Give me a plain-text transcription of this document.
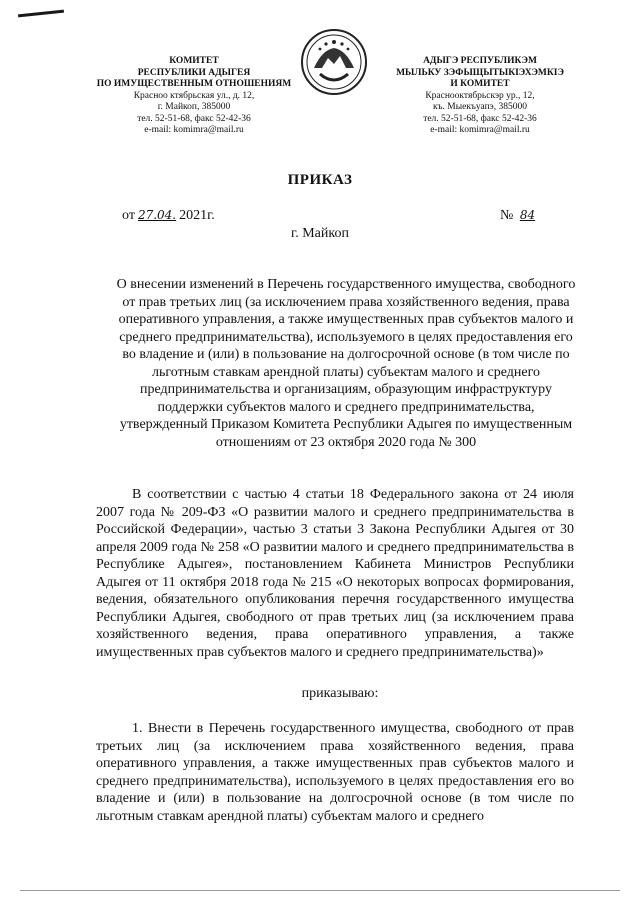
КОМИТЕТ
РЕСПУБЛИКИ АДЫГЕЯ
ПО ИМУЩЕСТВЕННЫМ ОТНОШЕНИЯМ
Красноо ктябрьская ул., д. 12,
г. Майкоп, 385000
тел. 52-51-68, факс 52-42-36
e-mail: komimra@mail.ru
АДЫГЭ РЕСПУБЛИКЭМ
МЫЛЬКУ ЗЭФЫЩЫТЫКIЭХЭМКIЭ
И КОМИТЕТ
Краснооктябрьскэр ур., 12,
къ. Мыекъуапэ, 385000
тел. 52-51-68, факс 52-42-36
e-mail: komimra@mail.ru
ПРИКАЗ
от 27.04. 2021г.	№ 84
г. Майкоп
О внесении изменений в Перечень государственного имущества, свободного от прав третьих лиц (за исключением права хозяйственного ведения, права оперативного управления, а также имущественных прав субъектов малого и среднего предпринимательства), используемого в целях предоставления его во владение и (или) в пользование на долгосрочной основе (в том числе по льготным ставкам арендной платы) субъектам малого и среднего предпринимательства и организациям, образующим инфраструктуру поддержки субъектов малого и среднего предпринимательства, утвержденный Приказом Комитета Республики Адыгея по имущественным отношениям от 23 октября 2020 года № 300
В соответствии с частью 4 статьи 18 Федерального закона от 24 июля 2007 года № 209-ФЗ «О развитии малого и среднего предпринимательства в Российской Федерации», частью 3 статьи 3 Закона Республики Адыгея от 30 апреля 2009 года № 258 «О развитии малого и среднего предпринимательства в Республике Адыгея», постановлением Кабинета Министров Республики Адыгея от 11 октября 2018 года № 215 «О некоторых вопросах формирования, ведения, обязательного опубликования перечня государственного имущества Республики Адыгея, свободного от прав третьих лиц (за исключением права хозяйственного ведения, права оперативного управления, а также имущественных прав субъектов малого и среднего предпринимательства)»
приказываю:
1. Внести в Перечень государственного имущества, свободного от прав третьих лиц (за исключением права хозяйственного ведения, права оперативного управления, а также имущественных прав субъектов малого и среднего предпринимательства), используемого в целях предоставления его во владение и (или) в пользование на долгосрочной основе (в том числе по льготным ставкам арендной платы) субъектам малого и среднего
